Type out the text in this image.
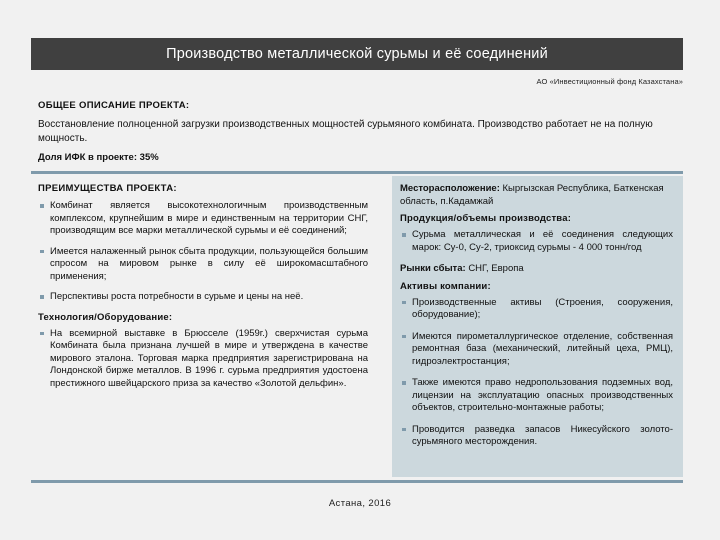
Производство металлической сурьмы и её соединений
АО «Инвестиционный фонд Казахстана»
ОБЩЕЕ ОПИСАНИЕ ПРОЕКТА:
Восстановление полноценной загрузки производственных мощностей сурьмяного комбината. Производство работает не на полную мощность.
Доля ИФК в проекте: 35%
ПРЕИМУЩЕСТВА ПРОЕКТА:
Комбинат является высокотехнологичным производственным комплексом, крупнейшим в мире и единственным на территории СНГ, производящим все марки металлической сурьмы и её соединений;
Имеется налаженный рынок сбыта продукции, пользующейся большим спросом на мировом рынке в силу её широкомасштабного применения;
Перспективы роста потребности в сурьме и цены на неё.
Технология/Оборудование:
На всемирной выставке в Брюсселе (1959г.) сверхчистая сурьма Комбината была признана лучшей в мире и утверждена в качестве мирового эталона. Торговая марка предприятия зарегистрирована на Лондонской бирже металлов. В 1996 г. сурьма предприятия удостоена престижного швейцарского приза за качество «Золотой дельфин».
Месторасположение: Кыргызская Республика, Баткенская область, п.Кадамжай
Продукция/объемы производства:
Сурьма металлическая и её соединения следующих марок: Су-0, Су-2, триоксид сурьмы - 4 000 тонн/год
Рынки сбыта: СНГ, Европа
Активы компании:
Производственные активы (Строения, сооружения, оборудование);
Имеются пирометаллургическое отделение, собственная ремонтная база (механический, литейный цеха, РМЦ), гидроэлектростанция;
Также имеются право недропользования подземных вод, лицензии на эксплуатацию опасных производственных объектов, строительно-монтажные работы;
Проводится разведка запасов Никесуйского золото-сурьмяного месторождения.
Астана, 2016
